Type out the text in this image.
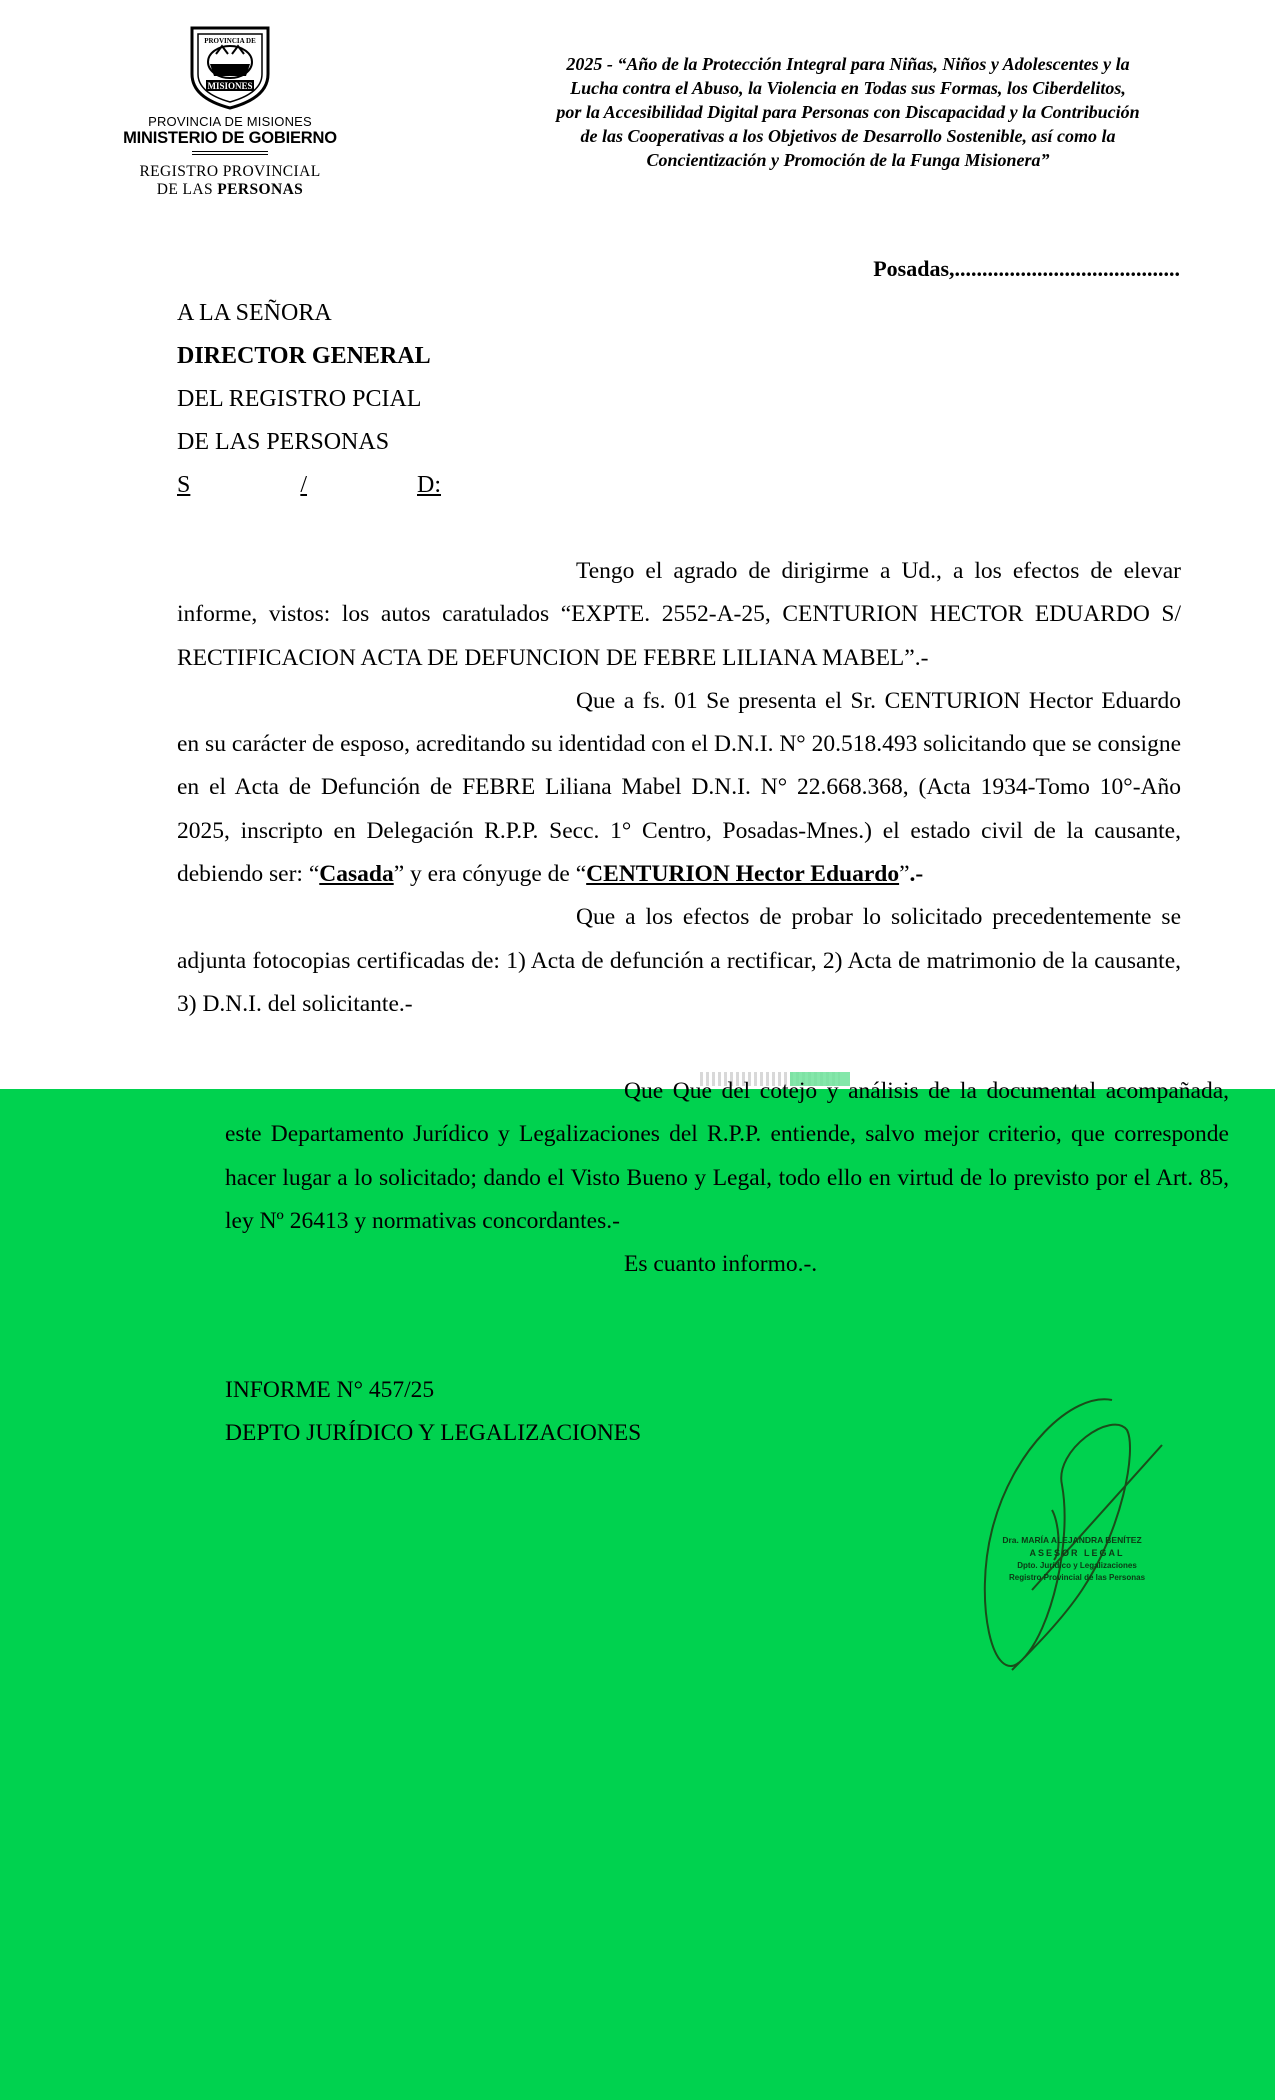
PROVINCIA DE
MISIONES
PROVINCIA DE MISIONES
MINISTERIO DE GOBIERNO
REGISTRO PROVINCIAL
DE LAS PERSONAS
2025 - “Año de la Protección Integral para Niñas, Niños y Adolescentes y la
Lucha contra el Abuso, la Violencia en Todas sus Formas, los Ciberdelitos,
por la Accesibilidad Digital para Personas con Discapacidad y la Contribución
de las Cooperativas a los Objetivos de Desarrollo Sostenible, así como la
Concientización y Promoción de la Funga Misionera”
Posadas,.........................................
A LA SEÑORA
DIRECTOR GENERAL
DEL REGISTRO PCIAL
DE LAS PERSONAS
S	/	D:

Tengo el agrado de dirigirme a Ud., a los efectos de elevar informe, vistos: los autos caratulados “EXPTE. 2552-A-25, CENTURION HECTOR EDUARDO S/ RECTIFICACION ACTA DE DEFUNCION DE FEBRE LILIANA MABEL”.-

Que a fs. 01 Se presenta el Sr. CENTURION Hector Eduardo en su carácter de esposo, acreditando su identidad con el D.N.I. N° 20.518.493 solicitando que se consigne en el Acta de Defunción de FEBRE Liliana Mabel D.N.I. N° 22.668.368, (Acta 1934-Tomo 10°-Año 2025, inscripto en Delegación R.P.P. Secc. 1° Centro, Posadas-Mnes.) el estado civil de la causante, debiendo ser: “Casada” y era cónyuge de “CENTURION Hector Eduardo”.-

Que a los efectos de probar lo solicitado precedentemente se adjunta fotocopias certificadas de: 1) Acta de defunción a rectificar, 2) Acta de matrimonio de la causante, 3) D.N.I. del solicitante.-

Que Que del cotejo y análisis de la documental acompañada, este Departamento Jurídico y Legalizaciones del R.P.P. entiende, salvo mejor criterio, que corresponde hacer lugar a lo solicitado; dando el Visto Bueno y Legal, todo ello en virtud de lo previsto por el Art. 85, ley Nº 26413 y normativas concordantes.-

Es cuanto informo.-.

INFORME N° 457/25
DEPTO JURÍDICO Y LEGALIZACIONES
Dra. MARÍA ALEJANDRA BENÍTEZ
ASESOR LEGAL
Dpto. Jurídico y Legalizaciones
Registro Provincial de las Personas
